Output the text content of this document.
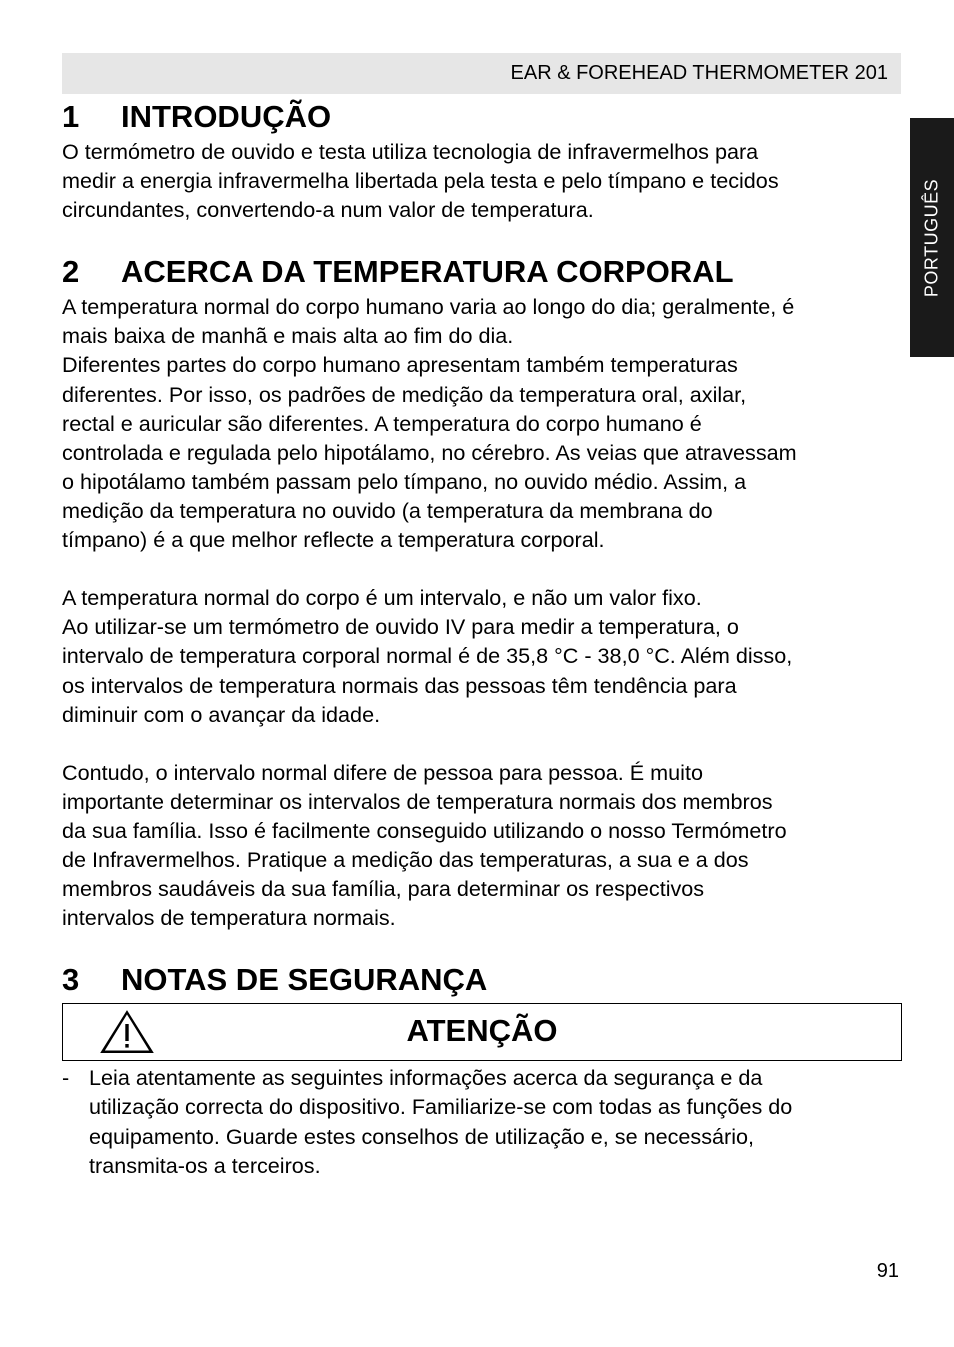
EAR & FOREHEAD THERMOMETER 201
PORTUGUÊS
1	INTRODUÇÃO

O termómetro de ouvido e testa utiliza tecnologia de infravermelhos para

medir a energia infravermelha libertada pela testa e pelo tímpano e tecidos

circundantes, convertendo-a num valor de temperatura.

2	ACERCA DA TEMPERATURA CORPORAL

A temperatura normal do corpo humano varia ao longo do dia; geralmente, é

mais baixa de manhã e mais alta ao fim do dia.

Diferentes partes do corpo humano apresentam também temperaturas

diferentes. Por isso, os padrões de medição da temperatura oral, axilar,

rectal e auricular são diferentes. A temperatura do corpo humano é

controlada e regulada pelo hipotálamo, no cérebro. As veias que atravessam

o hipotálamo também passam pelo tímpano, no ouvido médio. Assim, a

medição da temperatura no ouvido (a temperatura da membrana do

tímpano) é a que melhor reflecte a temperatura corporal.

A temperatura normal do corpo é um intervalo, e não um valor fixo.

Ao utilizar-se um termómetro de ouvido IV para medir a temperatura, o

intervalo de temperatura corporal normal é de 35,8 °C - 38,0 °C. Além disso,

os intervalos de temperatura normais das pessoas têm tendência para

diminuir com o avançar da idade.

Contudo, o intervalo normal difere de pessoa para pessoa. É muito

importante determinar os intervalos de temperatura normais dos membros

da sua família. Isso é facilmente conseguido utilizando o nosso Termómetro

de Infravermelhos. Pratique a medição das temperaturas, a sua e a dos

membros saudáveis da sua família, para determinar os respectivos

intervalos de temperatura normais.

3	NOTAS DE SEGURANÇA
ATENÇÃO
- Leia atentamente as seguintes informações acerca da segurança e da

utilização correcta do dispositivo. Familiarize-se com todas as funções do

equipamento. Guarde estes conselhos de utilização e, se necessário,

transmita-os a terceiros.

91
